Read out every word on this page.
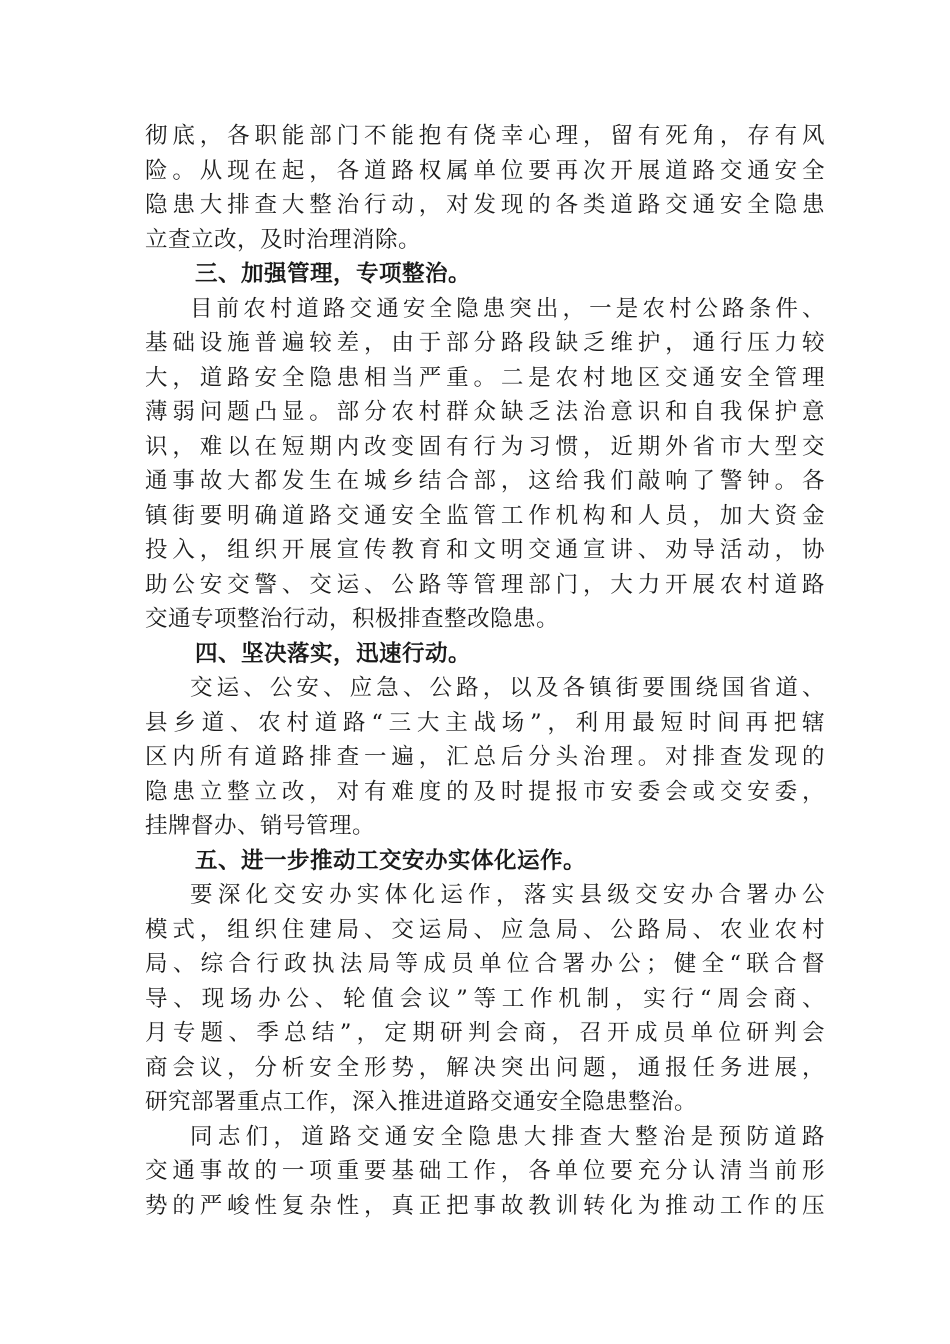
彻底，各职能部门不能抱有侥幸心理，留有死角，存有风
险。从现在起，各道路权属单位要再次开展道路交通安全
隐患大排查大整治行动，对发现的各类道路交通安全隐患
立查立改，及时治理消除。
三、加强管理，专项整治。
目前农村道路交通安全隐患突出，一是农村公路条件、
基础设施普遍较差，由于部分路段缺乏维护，通行压力较
大，道路安全隐患相当严重。二是农村地区交通安全管理
薄弱问题凸显。部分农村群众缺乏法治意识和自我保护意
识，难以在短期内改变固有行为习惯，近期外省市大型交
通事故大都发生在城乡结合部，这给我们敲响了警钟。各
镇街要明确道路交通安全监管工作机构和人员，加大资金
投入，组织开展宣传教育和文明交通宣讲、劝导活动，协
助公安交警、交运、公路等管理部门，大力开展农村道路
交通专项整治行动，积极排查整改隐患。
四、坚决落实，迅速行动。
交运、公安、应急、公路，以及各镇街要围绕国省道、
县乡道、农村道路“三大主战场”，利用最短时间再把辖
区内所有道路排查一遍，汇总后分头治理。对排查发现的
隐患立整立改，对有难度的及时提报市安委会或交安委，
挂牌督办、销号管理。
五、进一步推动工交安办实体化运作。
要深化交安办实体化运作，落实县级交安办合署办公
模式，组织住建局、交运局、应急局、公路局、农业农村
局、综合行政执法局等成员单位合署办公；健全“联合督
导、现场办公、轮值会议”等工作机制，实行“周会商、
月专题、季总结”，定期研判会商，召开成员单位研判会
商会议，分析安全形势，解决突出问题，通报任务进展，
研究部署重点工作，深入推进道路交通安全隐患整治。
同志们，道路交通安全隐患大排查大整治是预防道路
交通事故的一项重要基础工作，各单位要充分认清当前形
势的严峻性复杂性，真正把事故教训转化为推动工作的压
